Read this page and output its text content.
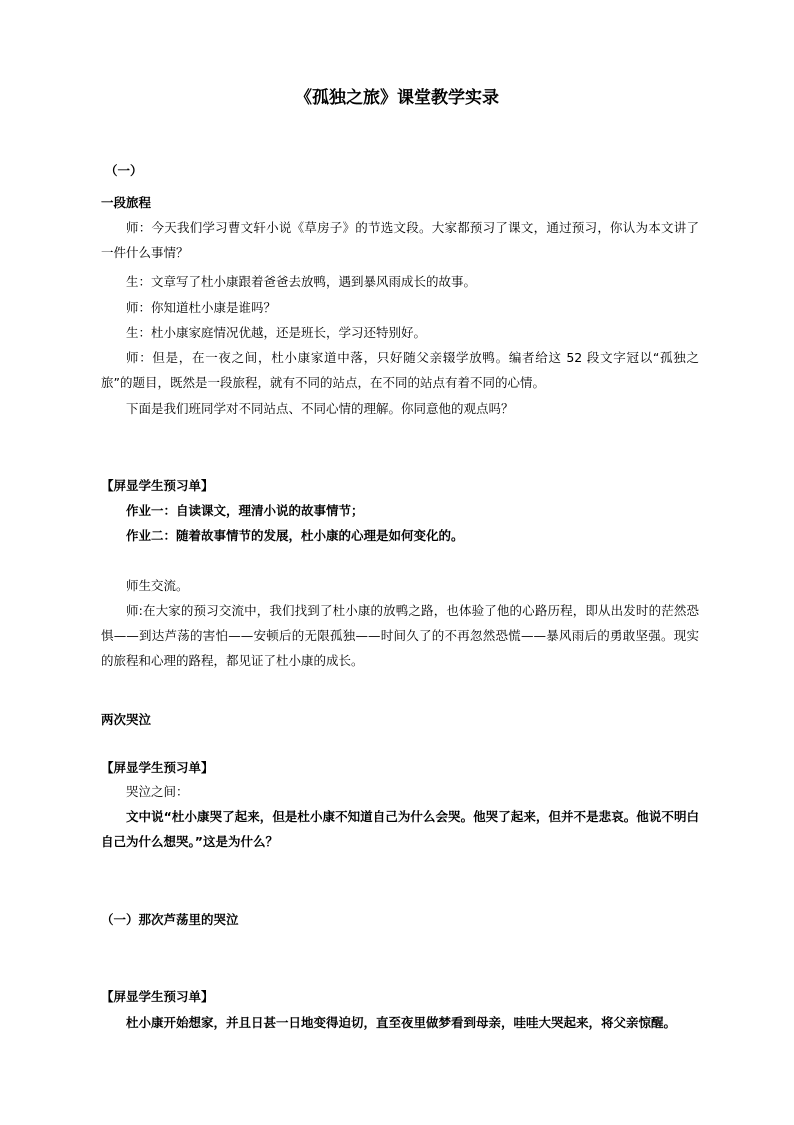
《孤独之旅》课堂教学实录
（一）
一段旅程
师：今天我们学习曹文轩小说《草房子》的节选文段。大家都预习了课文，通过预习，你认为本文讲了一件什么事情？
生：文章写了杜小康跟着爸爸去放鸭，遇到暴风雨成长的故事。
师：你知道杜小康是谁吗？
生：杜小康家庭情况优越，还是班长，学习还特别好。
师：但是，在一夜之间，杜小康家道中落，只好随父亲辍学放鸭。编者给这 52 段文字冠以“孤独之旅”的题目，既然是一段旅程，就有不同的站点，在不同的站点有着不同的心情。
下面是我们班同学对不同站点、不同心情的理解。你同意他的观点吗？
【屏显学生预习单】
作业一：自读课文，理清小说的故事情节；
作业二：随着故事情节的发展，杜小康的心理是如何变化的。
师生交流。
师:在大家的预习交流中，我们找到了杜小康的放鸭之路，也体验了他的心路历程，即从出发时的茫然恐惧——到达芦荡的害怕——安顿后的无限孤独——时间久了的不再忽然恐慌——暴风雨后的勇敢坚强。现实的旅程和心理的路程，都见证了杜小康的成长。
两次哭泣
【屏显学生预习单】
哭泣之间：
文中说“杜小康哭了起来，但是杜小康不知道自己为什么会哭。他哭了起来，但并不是悲哀。他说不明白自己为什么想哭。”这是为什么？
（一）那次芦荡里的哭泣
【屏显学生预习单】
杜小康开始想家，并且日甚一日地变得迫切，直至夜里做梦看到母亲，哇哇大哭起来，将父亲惊醒。
